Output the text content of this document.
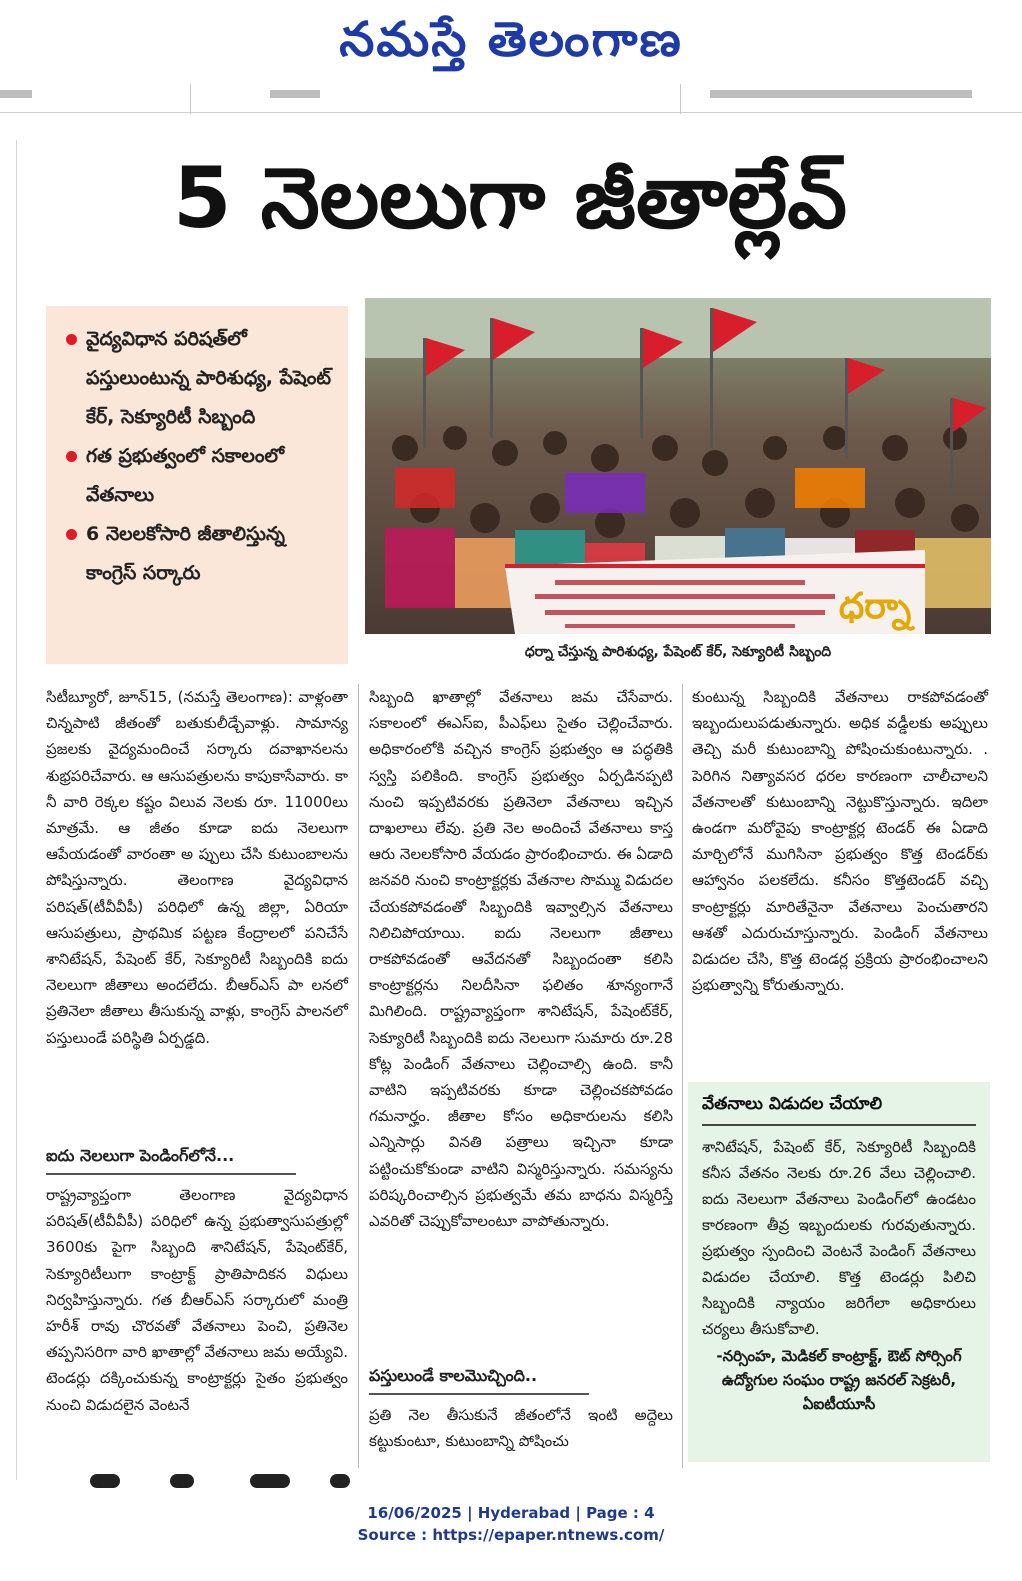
నమస్తే తెలంగాణ
5 నెలలుగా జీతాల్లేవ్
వైద్యవిధాన పరిషత్‌లో పస్తులుంటున్న పారిశుధ్య, పేషెంట్‌ కేర్‌, సెక్యూరిటీ సిబ్బంది
గత ప్రభుత్వంలో సకాలంలో వేతనాలు
6 నెలలకోసారి జీతాలిస్తున్న కాంగ్రెస్‌ సర్కారు
ధర్నా
ధర్నా చేస్తున్న పారిశుధ్య, పేషెంట్‌ కేర్‌, సెక్యూరిటీ సిబ్బంది

సిటీబ్యూరో, జూన్‌15, (నమస్తే తెలంగాణ): వాళ్లంతా చిన్నపాటి జీతంతో బతుకులీడ్చేవాళ్లు. సామాన్య ప్రజలకు వైద్యమందించే సర్కారు దవాఖానలను శుభ్రపరిచేవారు. ఆ ఆసుపత్రులను కాపుకాసేవారు. కా నీ వారి రెక్కల కష్టం విలువ నెలకు రూ. 11000లు మాత్రమే. ఆ జీతం కూడా ఐదు నెలలుగా ఆపేయడంతో వారంతా అ ప్పులు చేసి కుటుంబాలను పోషిస్తున్నారు. తెలంగాణ వైద్యవిధాన పరిషత్‌(టీవీవీపీ) పరిధిలో ఉన్న జిల్లా, ఏరియా ఆసుపత్రులు, ప్రాథమిక పట్టణ కేంద్రాలలో పనిచేసే శానిటేషన్‌, పేషెంట్‌ కేర్‌, సెక్యూరిటీ సిబ్బందికి ఐదు నెలలుగా జీతాలు అందలేదు. బీఆర్‌ఎస్‌ పా లనలో ప్రతినెలా జీతాలు తీసుకున్న వాళ్లు, కాంగ్రెస్‌ పాలనలో పస్తులుండే పరిస్థితి ఏర్పడ్డది.

ఐదు నెలలుగా పెండింగ్‌లోనే...

రాష్ట్రవ్యాప్తంగా తెలంగాణ వైద్యవిధాన పరిషత్‌(టీవీవీపీ) పరిధిలో ఉన్న ప్రభుత్వాసుపత్రుల్లో 3600కు పైగా సిబ్బంది శానిటేషన్‌, పేషెంట్‌కేర్‌, సెక్యూరిటీలుగా కాంట్రాక్ట్‌ ప్రాతిపాదికన విధులు నిర్వహిస్తున్నారు. గత బీఆర్‌ఎస్‌ సర్కారులో మంత్రి హరీశ్‌ రావు చొరవతో వేతనాలు పెంచి, ప్రతినెల తప్పనిసరిగా వారి ఖాతాల్లో వేతనాలు జమ అయ్యేవి. టెండర్లు దక్కించుకున్న కాంట్రాక్టర్లు సైతం ప్రభుత్వం నుంచి విడుదలైన వెంటనే

సిబ్బంది ఖాతాల్లో వేతనాలు జమ చేసేవారు. సకాలంలో ఈఎస్‌ఐ, పీఎఫ్‌లు సైతం చెల్లించేవారు. అధికారంలోకి వచ్చిన కాంగ్రెస్‌ ప్రభుత్వం ఆ పద్ధతికి స్వస్తి పలికింది. కాంగ్రెస్‌ ప్రభుత్వం ఏర్పడినప్పటి నుంచి ఇప్పటివరకు ప్రతినెలా వేతనాలు ఇచ్చిన దాఖలాలు లేవు. ప్రతి నెల అందించే వేతనాలు కాస్త ఆరు నెలలకోసారి వేయడం ప్రారంభించారు. ఈ ఏడాది జనవరి నుంచి కాంట్రాక్టర్లకు వేతనాల సొమ్ము విడుదల చేయకపోవడంతో సిబ్బందికి ఇవ్వాల్సిన వేతనాలు నిలిచిపోయాయి. ఐదు నెలలుగా జీతాలు రాకపోవడంతో ఆవేదనతో సిబ్బందంతా కలిసి కాంట్రాక్టర్లను నిలదీసినా ఫలితం శూన్యంగానే మిగిలింది. రాష్ట్రవ్యాప్తంగా శానిటేషన్‌, పేషెంట్‌కేర్‌, సెక్యూరిటీ సిబ్బందికి ఐదు నెలలుగా సుమారు రూ.28 కోట్ల పెండింగ్‌ వేతనాలు చెల్లించాల్సి ఉంది. కానీ వాటిని ఇప్పటివరకు కూడా చెల్లించకపోవడం గమనార్హం. జీతాల కోసం అధికారులను కలిసి ఎన్నిసార్లు వినతి పత్రాలు ఇచ్చినా కూడా పట్టించుకోకుండా వాటిని విస్మరిస్తున్నారు. సమస్యను పరిష్కరించాల్సిన ప్రభుత్వమే తమ బాధను విస్మరిస్తే ఎవరితో చెప్పుకోవాలంటూ వాపోతున్నారు.

పస్తులుండే కాలమొచ్చింది..

ప్రతి నెల తీసుకునే జీతంలోనే ఇంటి అద్దెలు కట్టుకుంటూ, కుటుంబాన్ని పోషించు

కుంటున్న సిబ్బందికి వేతనాలు రాకపోవడంతో ఇబ్బందులుపడుతున్నారు. అధిక వడ్డీలకు అప్పులు తెచ్చి మరీ కుటుంబాన్ని పోషించుకుంటున్నారు. . పెరిగిన నిత్యావసర ధరల కారణంగా చాలీచాలని వేతనాలతో కుటుంబాన్ని నెట్టుకొస్తున్నారు. ఇదిలా ఉండగా మరోవైపు కాంట్రాక్టర్ల టెండర్‌ ఈ ఏడాది మార్చిలోనే ముగిసినా ప్రభుత్వం కొత్త టెండర్‌కు ఆహ్వానం పలకలేదు. కనీసం కొత్తటెండర్‌ వచ్చి కాంట్రాక్టర్లు మారితేనైనా వేతనాలు పెంచుతారని ఆశతో ఎదురుచూస్తున్నారు. పెండింగ్‌ వేతనాలు విడుదల చేసి, కొత్త టెండర్ల ప్రక్రియ ప్రారంభించాలని ప్రభుత్వాన్ని కోరుతున్నారు.

వేతనాలు విడుదల చేయాలి
శానిటేషన్‌, పేషెంట్‌ కేర్‌, సెక్యూరిటీ సిబ్బందికి కనీస వేతనం నెలకు రూ.26 వేలు చెల్లించాలి. ఐదు నెలలుగా వేతనాలు పెండింగ్‌లో ఉండటం కారణంగా తీవ్ర ఇబ్బందులకు గురవుతున్నారు. ప్రభుత్వం స్పందించి వెంటనే పెండింగ్‌ వేతనాలు విడుదల చేయాలి. కొత్త టెండర్లు పిలిచి సిబ్బందికి న్యాయం జరిగేలా అధికారులు చర్యలు తీసుకోవాలి.
-నర్సింహ, మెడికల్‌ కాంట్రాక్ట్‌, ఔట్‌ సోర్సింగ్‌ ఉద్యోగుల సంఘం రాష్ట్ర జనరల్‌ సెక్రటరీ, ఏఐటీయూసీ
16/06/2025 | Hyderabad | Page : 4
Source : https://epaper.ntnews.com/
